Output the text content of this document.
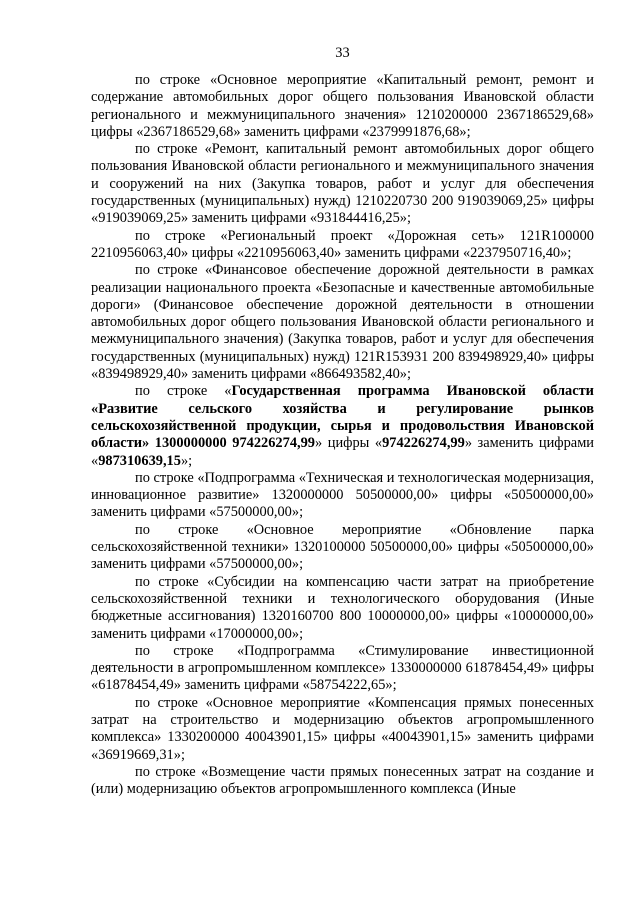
33

по строке «Основное мероприятие «Капитальный ремонт, ремонт и содержание автомобильных дорог общего пользования Ивановской области регионального и межмуниципального значения» 1210200000 2367186529,68» цифры «2367186529,68» заменить цифрами «2379991876,68»;

по строке «Ремонт, капитальный ремонт автомобильных дорог общего пользования Ивановской области регионального и межмуниципального значения и сооружений на них (Закупка товаров, работ и услуг для обеспечения государственных (муниципальных) нужд) 1210220730 200 919039069,25» цифры «919039069,25» заменить цифрами «931844416,25»;

по строке «Региональный проект «Дорожная сеть» 121R100000 2210956063,40» цифры «2210956063,40» заменить цифрами «2237950716,40»;

по строке «Финансовое обеспечение дорожной деятельности в рамках реализации национального проекта «Безопасные и качественные автомобильные дороги» (Финансовое обеспечение дорожной деятельности в отношении автомобильных дорог общего пользования Ивановской области регионального и межмуниципального значения) (Закупка товаров, работ и услуг для обеспечения государственных (муниципальных) нужд) 121R153931 200 839498929,40» цифры «839498929,40» заменить цифрами «866493582,40»;

по строке «Государственная программа Ивановской области «Развитие сельского хозяйства и регулирование рынков сельскохозяйственной продукции, сырья и продовольствия Ивановской области» 1300000000 974226274,99» цифры «974226274,99» заменить цифрами «987310639,15»;

по строке «Подпрограмма «Техническая и технологическая модернизация, инновационное развитие» 1320000000 50500000,00» цифры «50500000,00» заменить цифрами «57500000,00»;

по строке «Основное мероприятие «Обновление парка сельскохозяйственной техники» 1320100000 50500000,00» цифры «50500000,00» заменить цифрами «57500000,00»;

по строке «Субсидии на компенсацию части затрат на приобретение сельскохозяйственной техники и технологического оборудования (Иные бюджетные ассигнования) 1320160700 800 10000000,00» цифры «10000000,00» заменить цифрами «17000000,00»;

по строке «Подпрограмма «Стимулирование инвестиционной деятельности в агропромышленном комплексе» 1330000000 61878454,49» цифры «61878454,49» заменить цифрами «58754222,65»;

по строке «Основное мероприятие «Компенсация прямых понесенных затрат на строительство и модернизацию объектов агропромышленного комплекса» 1330200000 40043901,15» цифры «40043901,15» заменить цифрами «36919669,31»;

по строке «Возмещение части прямых понесенных затрат на создание и (или) модернизацию объектов агропромышленного комплекса (Иные
